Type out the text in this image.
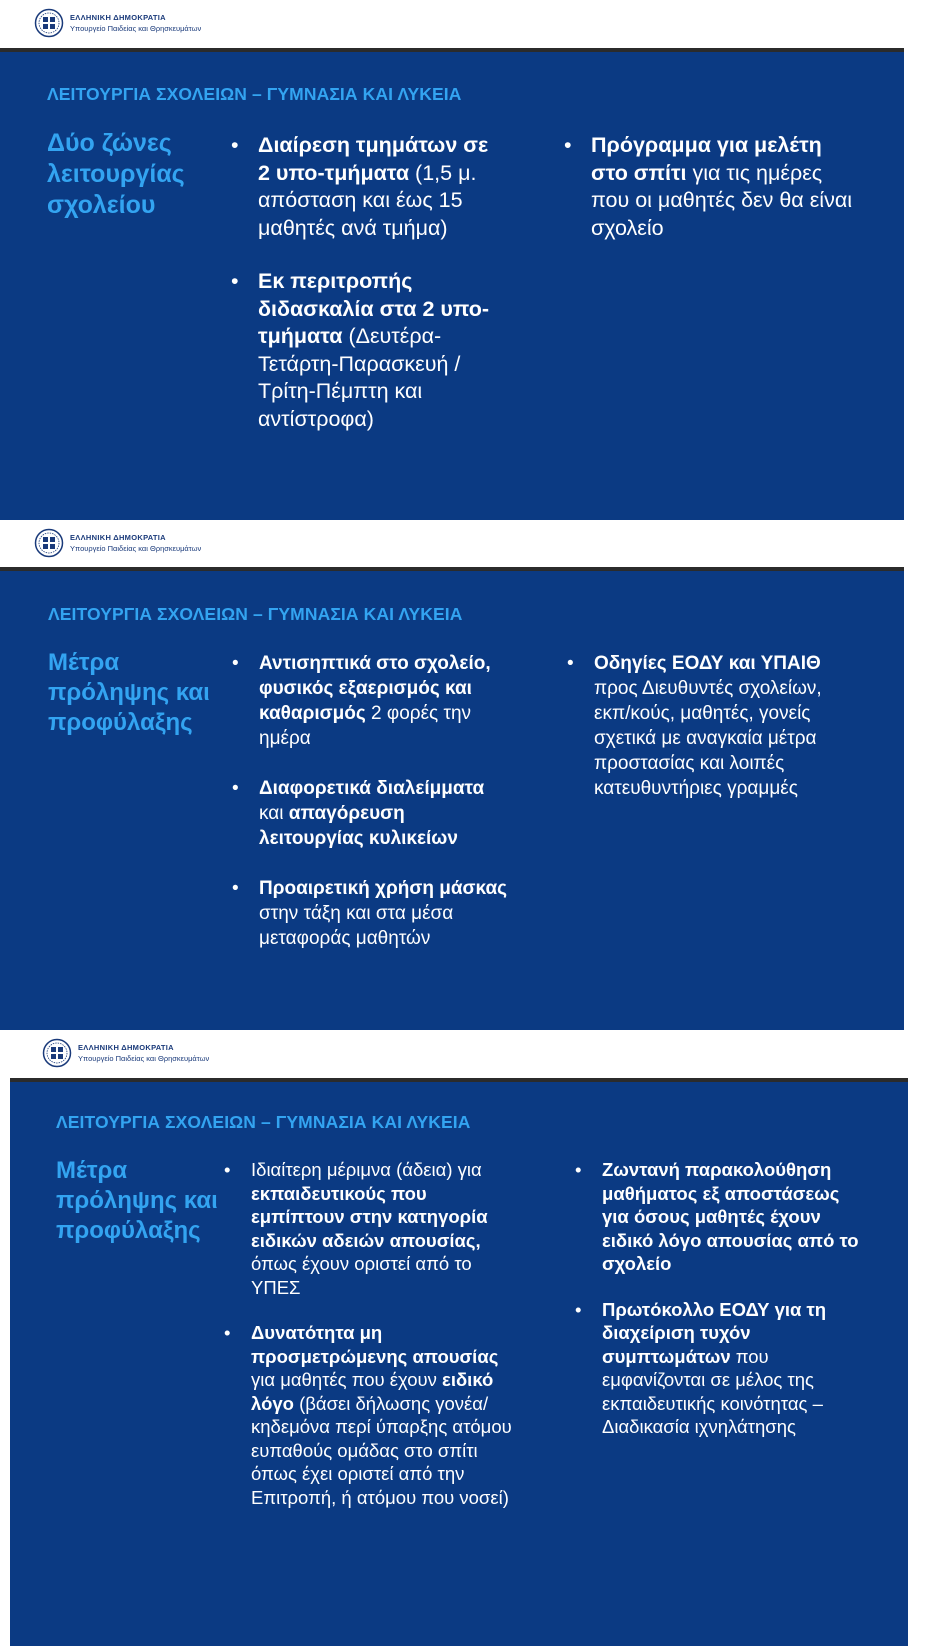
ΕΛΛΗΝΙΚΗ ΔΗΜΟΚΡΑΤΙΑ
Υπουργείο Παιδείας και Θρησκευμάτων
ΛΕΙΤΟΥΡΓΙΑ ΣΧΟΛΕΙΩΝ – ΓΥΜΝΑΣΙΑ ΚΑΙ ΛΥΚΕΙΑ
Δύο ζώνες
λειτουργίας
σχολείου
• Διαίρεση τμημάτων σε 2 υπο-τμήματα (1,5 μ. απόσταση και έως 15 μαθητές ανά τμήμα)
• Εκ περιτροπής διδασκαλία στα 2 υπο-τμήματα (Δευτέρα-Τετάρτη-Παρασκευή / Τρίτη-Πέμπτη και αντίστροφα)
• Πρόγραμμα για μελέτη στο σπίτι για τις ημέρες που οι μαθητές δεν θα είναι σχολείο
ΕΛΛΗΝΙΚΗ ΔΗΜΟΚΡΑΤΙΑ
Υπουργείο Παιδείας και Θρησκευμάτων
ΛΕΙΤΟΥΡΓΙΑ ΣΧΟΛΕΙΩΝ – ΓΥΜΝΑΣΙΑ ΚΑΙ ΛΥΚΕΙΑ
Μέτρα
πρόληψης και
προφύλαξης
• Αντισηπτικά στο σχολείο, φυσικός εξαερισμός και καθαρισμός 2 φορές την ημέρα
• Διαφορετικά διαλείμματα και απαγόρευση λειτουργίας κυλικείων
• Προαιρετική χρήση μάσκας στην τάξη και στα μέσα μεταφοράς μαθητών
• Οδηγίες ΕΟΔΥ και ΥΠΑΙΘ προς Διευθυντές σχολείων, εκπ/κούς, μαθητές, γονείς σχετικά με αναγκαία μέτρα προστασίας και λοιπές κατευθυντήριες γραμμές
ΕΛΛΗΝΙΚΗ ΔΗΜΟΚΡΑΤΙΑ
Υπουργείο Παιδείας και Θρησκευμάτων
ΛΕΙΤΟΥΡΓΙΑ ΣΧΟΛΕΙΩΝ – ΓΥΜΝΑΣΙΑ ΚΑΙ ΛΥΚΕΙΑ
Μέτρα
πρόληψης και
προφύλαξης
• Ιδιαίτερη μέριμνα (άδεια) για εκπαιδευτικούς που εμπίπτουν στην κατηγορία ειδικών αδειών απουσίας, όπως έχουν οριστεί από το ΥΠΕΣ
• Δυνατότητα μη προσμετρώμενης απουσίας για μαθητές που έχουν ειδικό λόγο (βάσει δήλωσης γονέα/κηδεμόνα περί ύπαρξης ατόμου ευπαθούς ομάδας στο σπίτι όπως έχει οριστεί από την Επιτροπή, ή ατόμου που νοσεί)
• Ζωντανή παρακολούθηση μαθήματος εξ αποστάσεως για όσους μαθητές έχουν ειδικό λόγο απουσίας από το σχολείο
• Πρωτόκολλο ΕΟΔΥ για τη διαχείριση τυχόν συμπτωμάτων που εμφανίζονται σε μέλος της εκπαιδευτικής κοινότητας – Διαδικασία ιχνηλάτησης
